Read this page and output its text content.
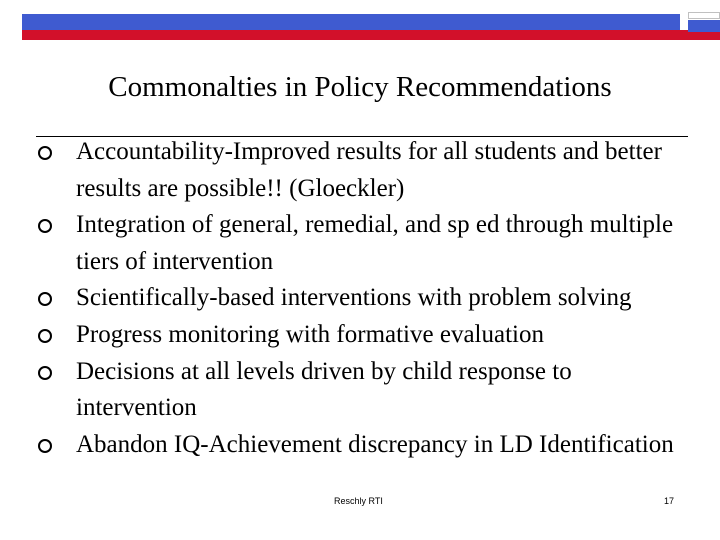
Commonalties in Policy Recommendations
Accountability-Improved results for all students and better results are possible!! (Gloeckler)
Integration of general, remedial, and sp ed through multiple tiers of intervention
Scientifically-based interventions with problem solving
Progress monitoring with formative evaluation
Decisions at all levels driven by child response to intervention
Abandon IQ-Achievement discrepancy in LD Identification
Reschly RTI	17
